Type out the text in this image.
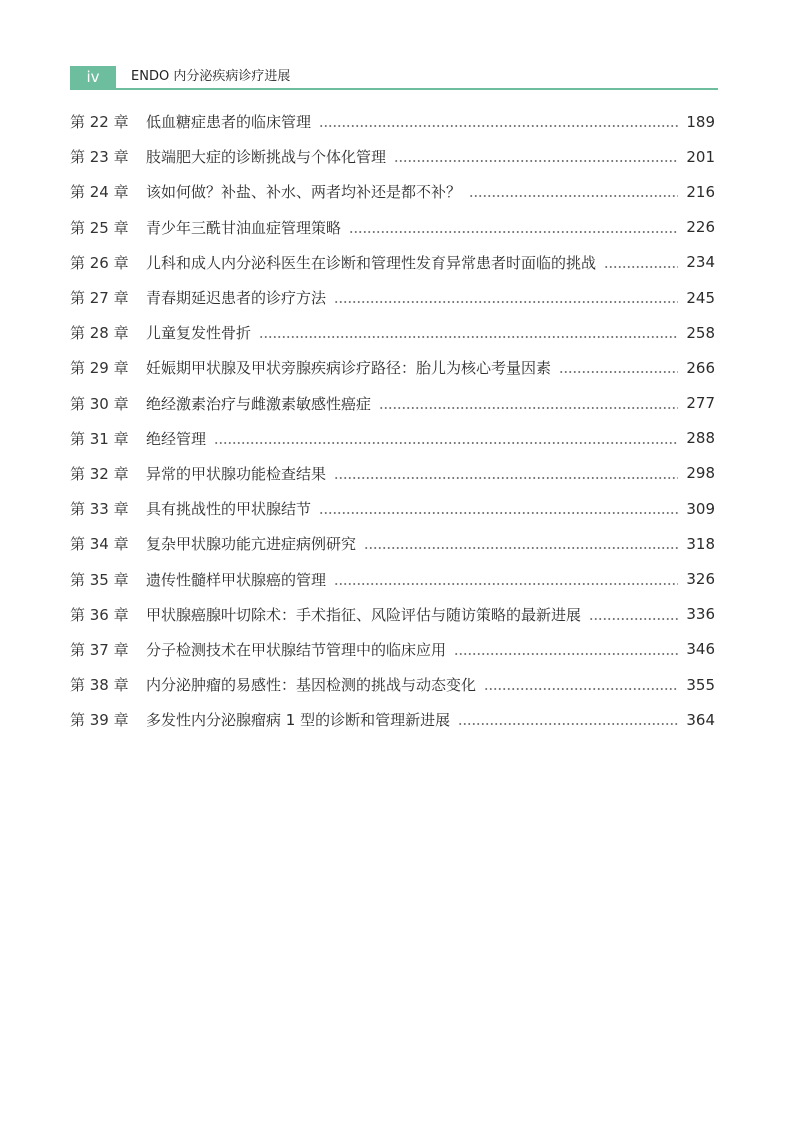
iv	ENDO 内分泌疾病诊疗进展
第 22 章	低血糖症患者的临床管理	189
第 23 章	肢端肥大症的诊断挑战与个体化管理	201
第 24 章	该如何做？补盐、补水、两者均补还是都不补？	216
第 25 章	青少年三酰甘油血症管理策略	226
第 26 章	儿科和成人内分泌科医生在诊断和管理性发育异常患者时面临的挑战	234
第 27 章	青春期延迟患者的诊疗方法	245
第 28 章	儿童复发性骨折	258
第 29 章	妊娠期甲状腺及甲状旁腺疾病诊疗路径：胎儿为核心考量因素	266
第 30 章	绝经激素治疗与雌激素敏感性癌症	277
第 31 章	绝经管理	288
第 32 章	异常的甲状腺功能检查结果	298
第 33 章	具有挑战性的甲状腺结节	309
第 34 章	复杂甲状腺功能亢进症病例研究	318
第 35 章	遗传性髓样甲状腺癌的管理	326
第 36 章	甲状腺癌腺叶切除术：手术指征、风险评估与随访策略的最新进展	336
第 37 章	分子检测技术在甲状腺结节管理中的临床应用	346
第 38 章	内分泌肿瘤的易感性：基因检测的挑战与动态变化	355
第 39 章	多发性内分泌腺瘤病 1 型的诊断和管理新进展	364
